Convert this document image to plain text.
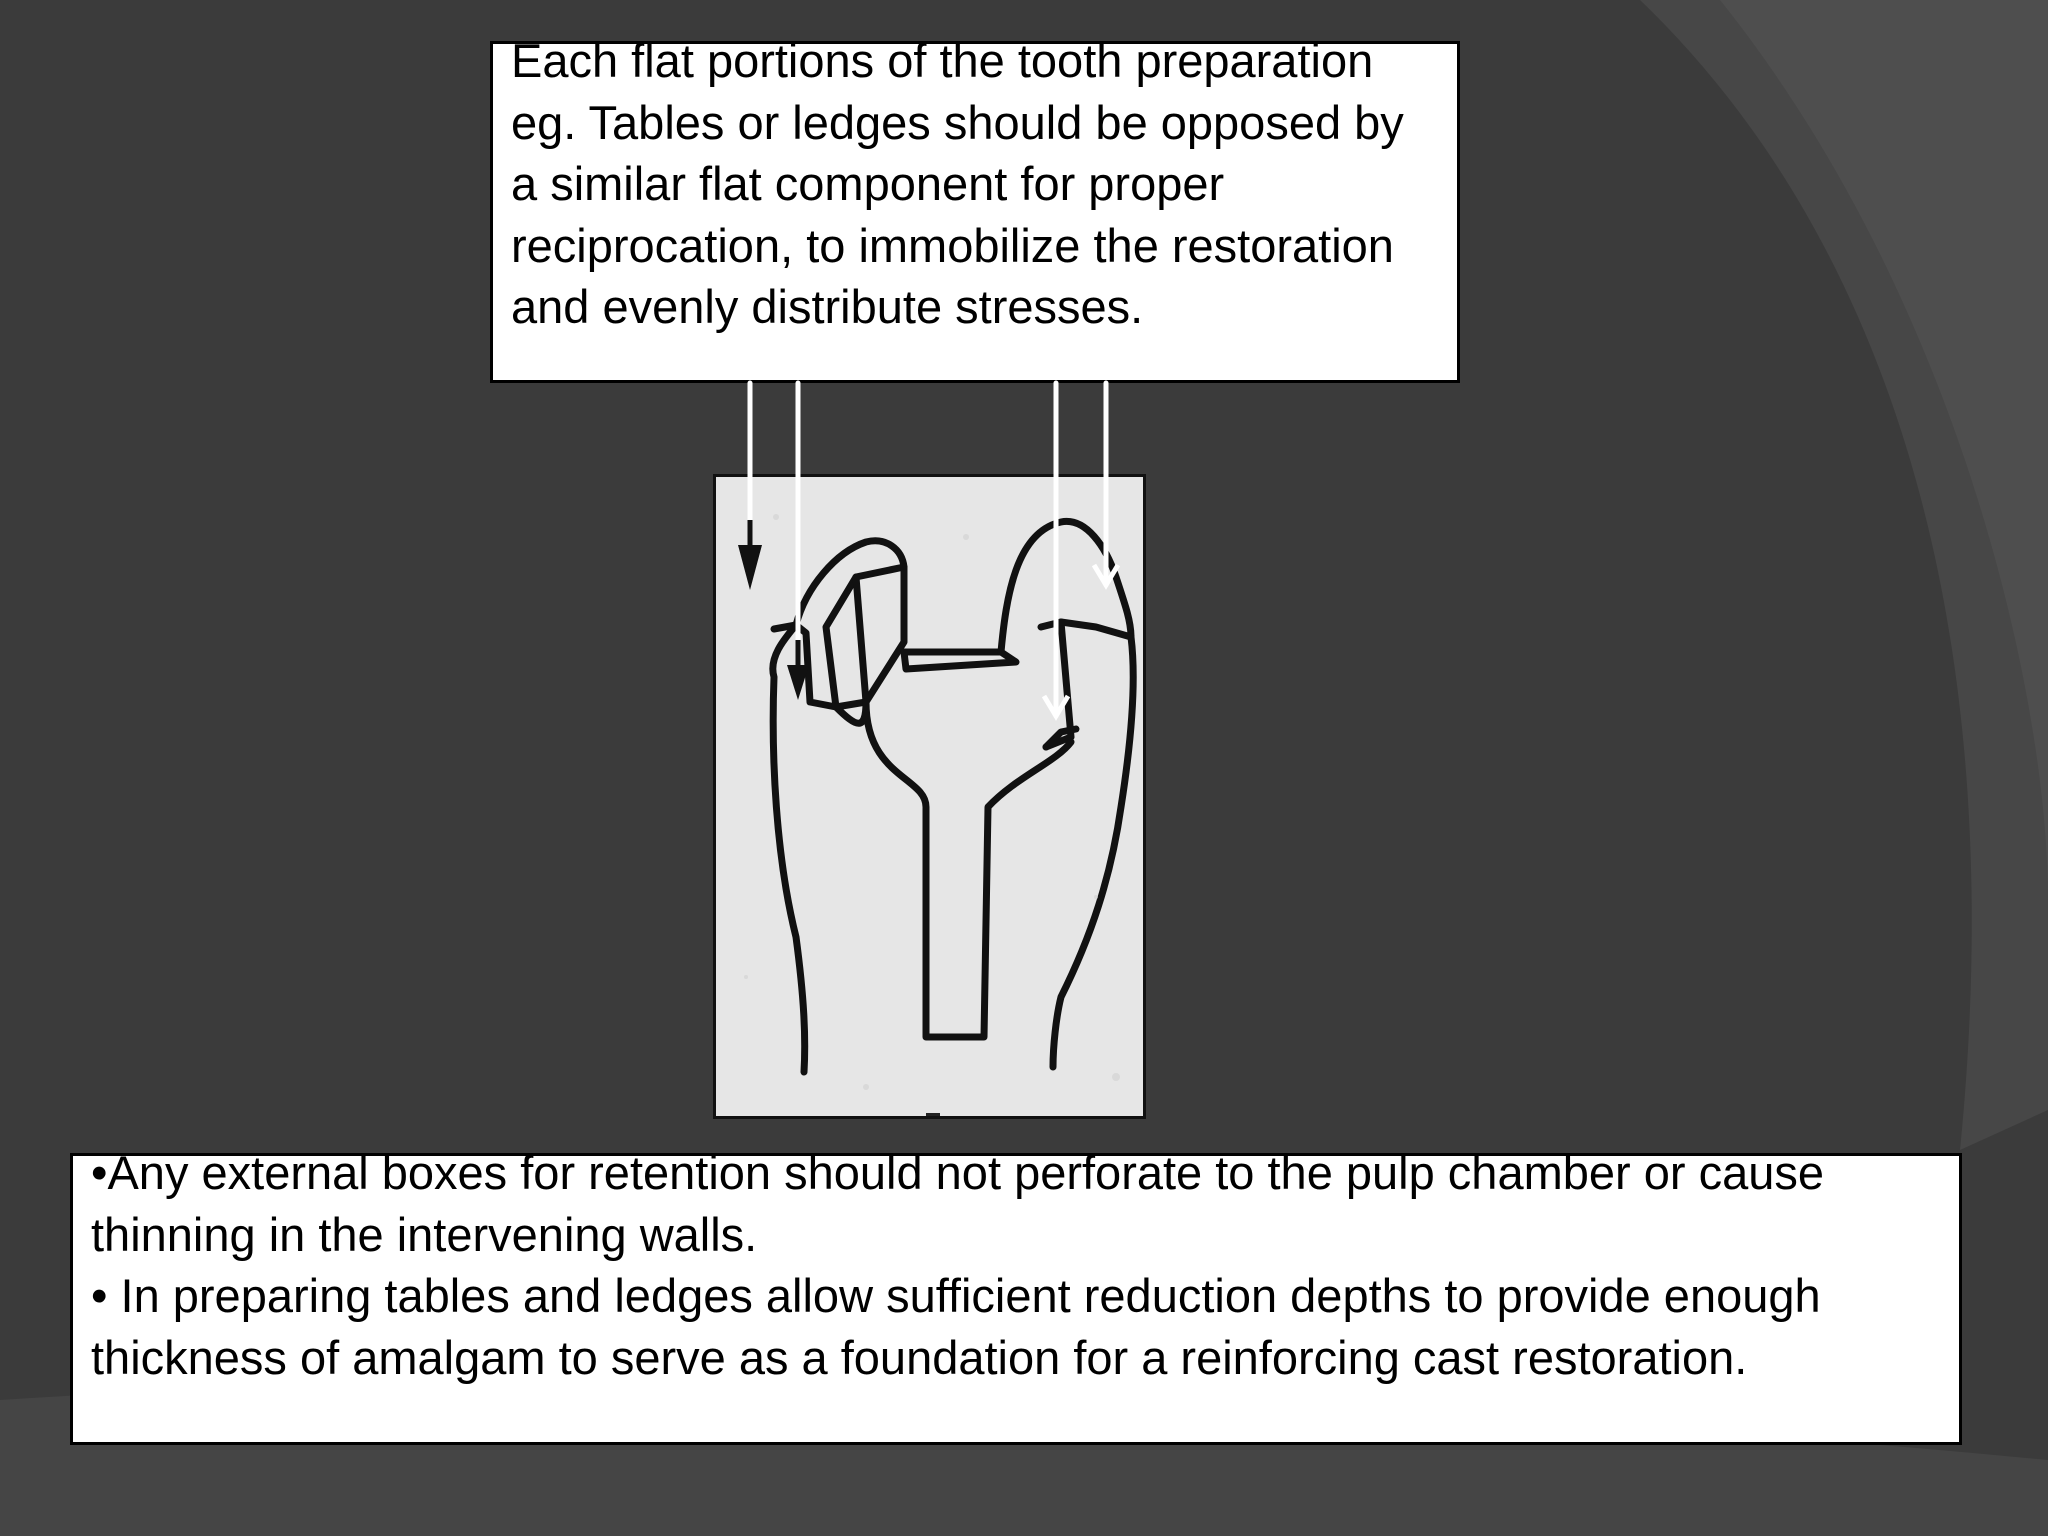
Each flat portions of the tooth preparation eg. Tables or ledges should be opposed by a similar flat component for proper reciprocation, to immobilize the restoration and evenly distribute stresses.

•Any external boxes for retention should not perforate to the pulp chamber or cause thinning in the intervening walls.

• In preparing tables and ledges allow sufficient reduction depths to provide enough thickness of amalgam to serve as a foundation for a reinforcing cast restoration.
